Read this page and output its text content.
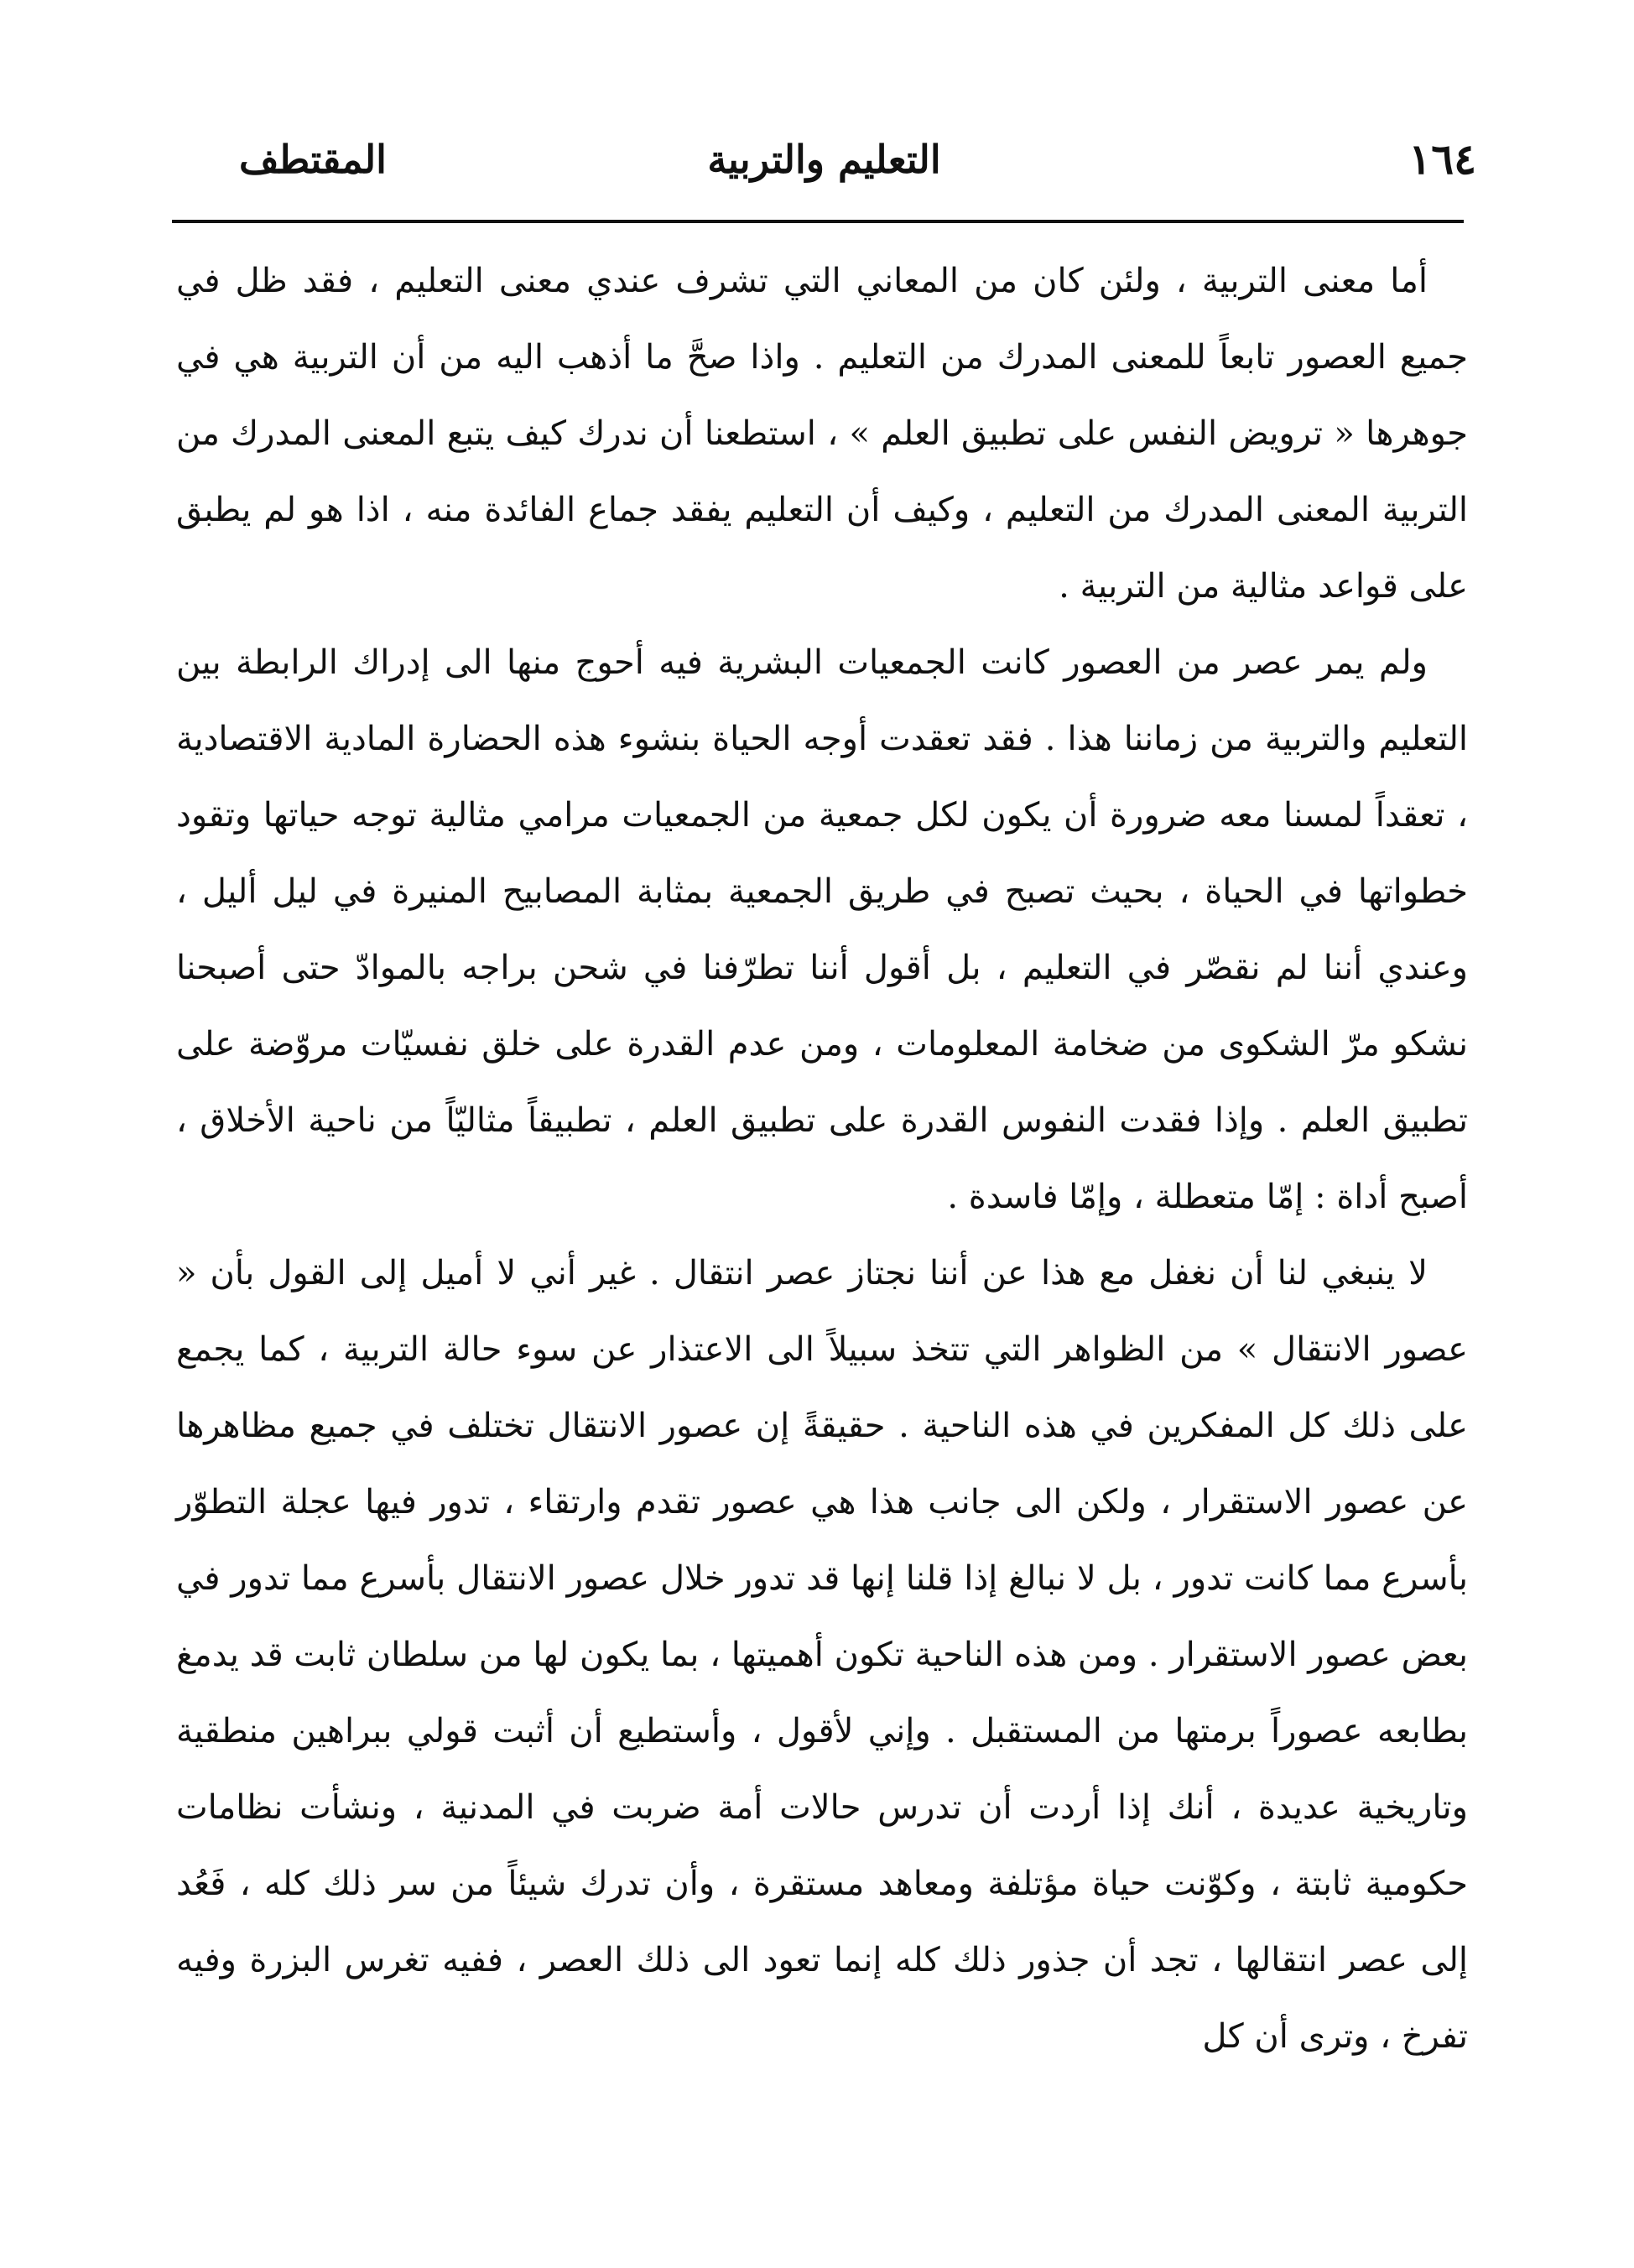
١٦٤
التعليم والتربية
المقتطف

أما معنى التربية ، ولئن كان من المعاني التي تشرف عندي معنى التعليم ، فقد ظل في جميع العصور تابعاً للمعنى المدرك من التعليم . واذا صحَّ ما أذهب اليه من أن التربية هي في جوهرها « ترويض النفس على تطبيق العلم » ، استطعنا أن ندرك كيف يتبع المعنى المدرك من التربية المعنى المدرك من التعليم ، وكيف أن التعليم يفقد جماع الفائدة منه ، اذا هو لم يطبق على قواعد مثالية من التربية .

ولم يمر عصر من العصور كانت الجمعيات البشرية فيه أحوج منها الى إدراك الرابطة بين التعليم والتربية من زماننا هذا . فقد تعقدت أوجه الحياة بنشوء هذه الحضارة المادية الاقتصادية ، تعقداً لمسنا معه ضرورة أن يكون لكل جمعية من الجمعيات مرامي مثالية توجه حياتها وتقود خطواتها في الحياة ، بحيث تصبح في طريق الجمعية بمثابة المصابيح المنيرة في ليل أليل ، وعندي أننا لم نقصّر في التعليم ، بل أقول أننا تطرّفنا في شحن براجه بالموادّ حتى أصبحنا نشكو مرّ الشكوى من ضخامة المعلومات ، ومن عدم القدرة على خلق نفسيّات مروّضة على تطبيق العلم . وإذا فقدت النفوس القدرة على تطبيق العلم ، تطبيقاً مثاليّاً من ناحية الأخلاق ، أصبح أداة : إمّا متعطلة ، وإمّا فاسدة .

لا ينبغي لنا أن نغفل مع هذا عن أننا نجتاز عصر انتقال . غير أني لا أميل إلى القول بأن « عصور الانتقال » من الظواهر التي تتخذ سبيلاً الى الاعتذار عن سوء حالة التربية ، كما يجمع على ذلك كل المفكرين في هذه الناحية . حقيقةً إن عصور الانتقال تختلف في جميع مظاهرها عن عصور الاستقرار ، ولكن الى جانب هذا هي عصور تقدم وارتقاء ، تدور فيها عجلة التطوّر بأسرع مما كانت تدور ، بل لا نبالغ إذا قلنا إنها قد تدور خلال عصور الانتقال بأسرع مما تدور في بعض عصور الاستقرار . ومن هذه الناحية تكون أهميتها ، بما يكون لها من سلطان ثابت قد يدمغ بطابعه عصوراً برمتها من المستقبل . وإني لأقول ، وأستطيع أن أثبت قولي ببراهين منطقية وتاريخية عديدة ، أنك إذا أردت أن تدرس حالات أمة ضربت في المدنية ، ونشأت نظامات حكومية ثابتة ، وكوّنت حياة مؤتلفة ومعاهد مستقرة ، وأن تدرك شيئاً من سر ذلك كله ، فَعُد إلى عصر انتقالها ، تجد أن جذور ذلك كله إنما تعود الى ذلك العصر ، ففيه تغرس البزرة وفيه تفرخ ، وترى أن كل
